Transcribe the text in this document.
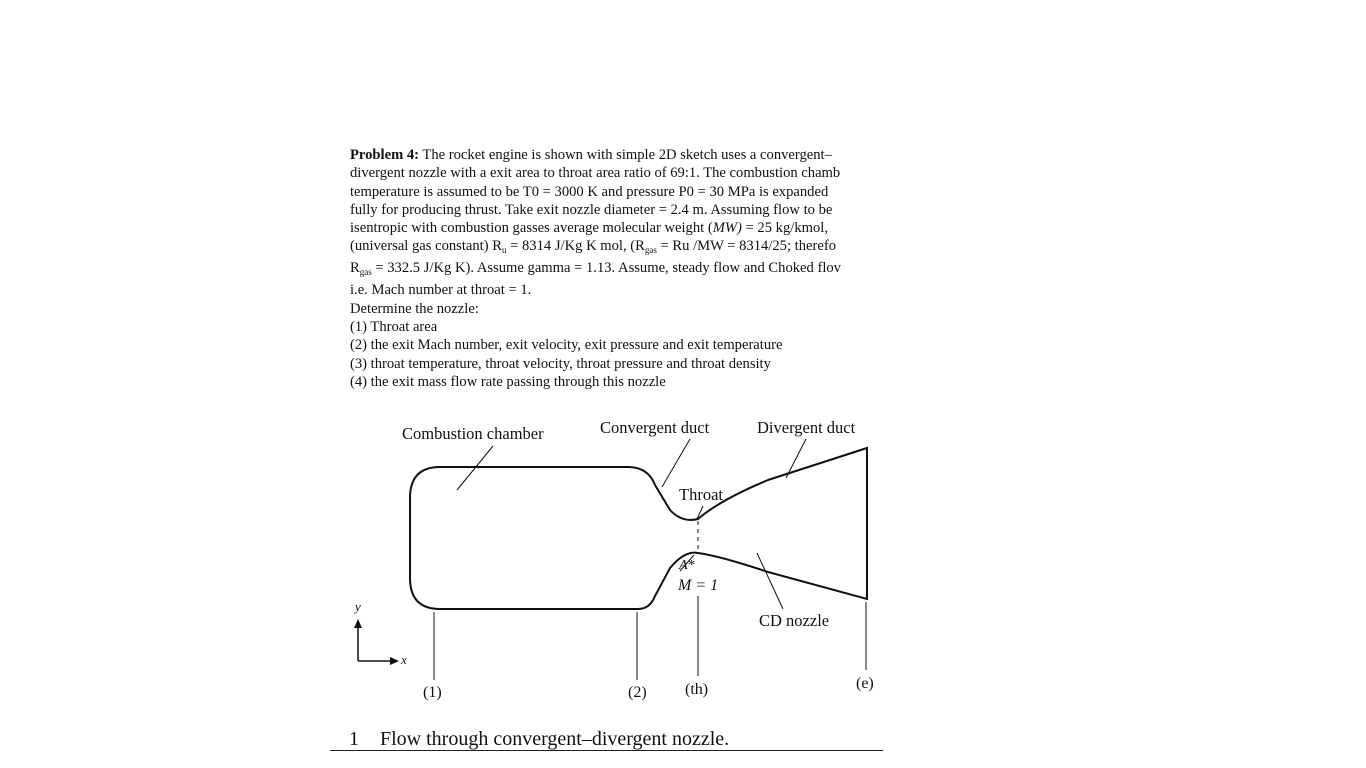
Problem 4: The rocket engine is shown with simple 2D sketch uses a convergent–
divergent nozzle with a exit area to throat area ratio of 69:1. The combustion chamb
temperature is assumed to be T0 = 3000 K and pressure P0 = 30 MPa is expanded
fully for producing thrust. Take exit nozzle diameter = 2.4 m. Assuming flow to be
isentropic with combustion gasses average molecular weight (MW) = 25 kg/kmol,
(universal gas constant) $R_u = 8314$ J/Kg K mol, ($R_{gas} = Ru$ /MW = 8314/25; therefo
$R_{gas} = 332.5$ J/Kg K). Assume gamma = 1.13. Assume, steady flow and Choked flov
i.e. Mach number at throat = 1.
Determine the nozzle:
(1) Throat area
(2) the exit Mach number, exit velocity, exit pressure and exit temperature
(3) throat temperature, throat velocity, throat pressure and throat density
(4) the exit mass flow rate passing through this nozzle
y
x
Combustion chamber	Convergent duct	Divergent duct
Throat
CD nozzle
A*
M = 1
(1)	(2) (th)	(e)
1 Flow through convergent–divergent nozzle.
